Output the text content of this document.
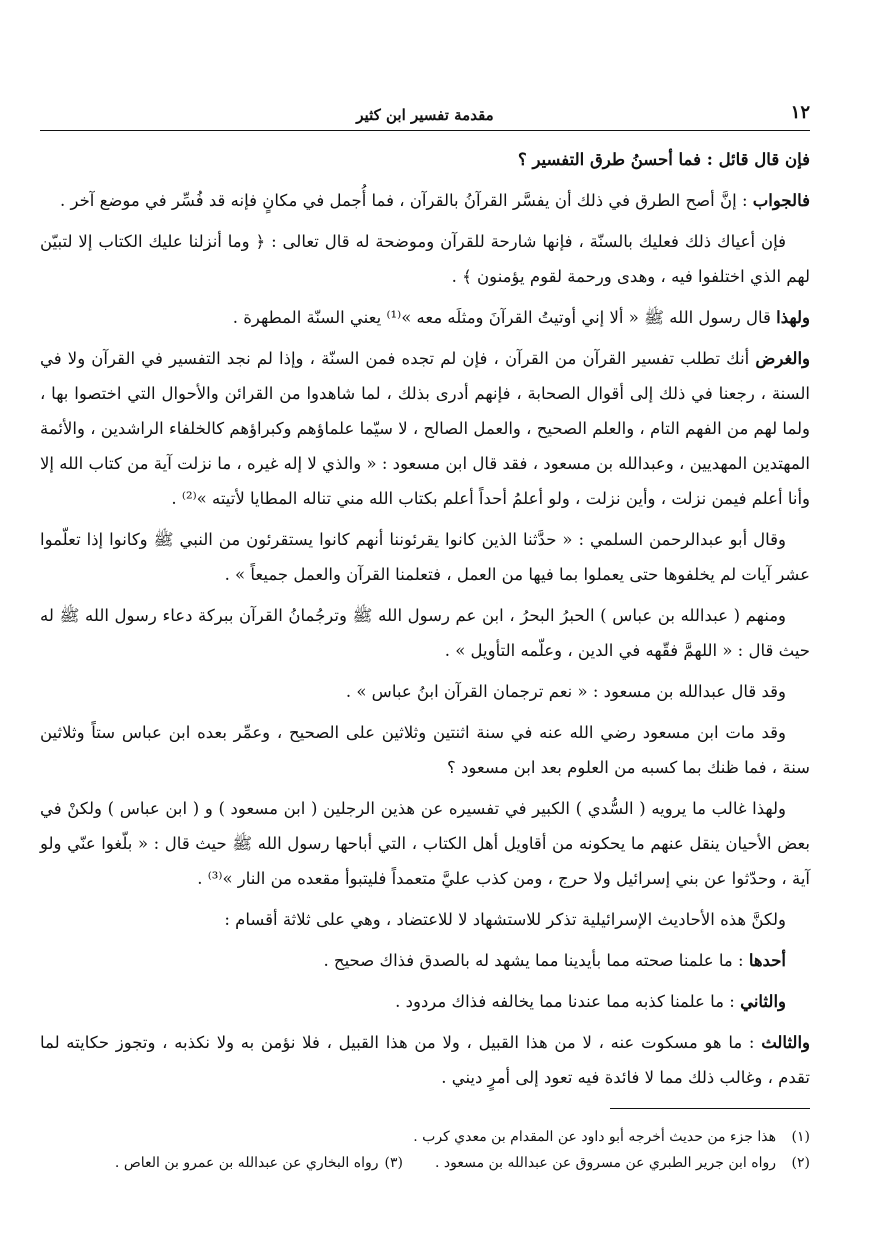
١٢
مقدمة تفسير ابن كثير

فإن قال قائل : فما أحسنُ طرق التفسير ؟

فالجواب : إنَّ أصح الطرق في ذلك أن يفسَّر القرآنُ بالقرآن ، فما أُجمل في مكانٍ فإنه قد فُسِّر في موضع آخر .

فإن أعياك ذلك فعليك بالسنّة ، فإنها شارحة للقرآن وموضحة له قال تعالى : ﴿ وما أنزلنا عليك الكتاب إلا لتبيّن لهم الذي اختلفوا فيه ، وهدى ورحمة لقوم يؤمنون ﴾ .

ولهذا قال رسول الله ﷺ « ألا إني أوتيتُ القرآنَ ومثلَه معه »⁽¹⁾ يعني السنّة المطهرة .

والغرض أنك تطلب تفسير القرآن من القرآن ، فإن لم تجده فمن السنّة ، وإذا لم نجد التفسير في القرآن ولا في السنة ، رجعنا في ذلك إلى أقوال الصحابة ، فإنهم أدرى بذلك ، لما شاهدوا من القرائن والأحوال التي اختصوا بها ، ولما لهم من الفهم التام ، والعلم الصحيح ، والعمل الصالح ، لا سيّما علماؤهم وكبراؤهم كالخلفاء الراشدين ، والأئمة المهتدين المهديين ، وعبدالله بن مسعود ، فقد قال ابن مسعود : « والذي لا إله غيره ، ما نزلت آية من كتاب الله إلا وأنا أعلم فيمن نزلت ، وأين نزلت ، ولو أعلمُ أحداً أعلم بكتاب الله مني تناله المطايا لأتيته »⁽²⁾ .

وقال أبو عبدالرحمن السلمي : « حدَّثنا الذين كانوا يقرئوننا أنهم كانوا يستقرئون من النبي ﷺ وكانوا إذا تعلّموا عشر آيات لم يخلفوها حتى يعملوا بما فيها من العمل ، فتعلمنا القرآن والعمل جميعاً » .

ومنهم ( عبدالله بن عباس ) الحبرُ البحرُ ، ابن عم رسول الله ﷺ وترجُمانُ القرآن ببركة دعاء رسول الله ﷺ له حيث قال : « اللهمَّ فقّهه في الدين ، وعلّمه التأويل » .

وقد قال عبدالله بن مسعود : « نعم ترجمان القرآن ابنُ عباس » .

وقد مات ابن مسعود رضي الله عنه في سنة اثنتين وثلاثين على الصحيح ، وعمِّر بعده ابن عباس ستاً وثلاثين سنة ، فما ظنك بما كسبه من العلوم بعد ابن مسعود ؟

ولهذا غالب ما يرويه ( السُّدي ) الكبير في تفسيره عن هذين الرجلين ( ابن مسعود ) و ( ابن عباس ) ولكنْ في بعض الأحيان ينقل عنهم ما يحكونه من أقاويل أهل الكتاب ، التي أباحها رسول الله ﷺ حيث قال : « بلّغوا عنّي ولو آية ، وحدّثوا عن بني إسرائيل ولا حرج ، ومن كذب عليَّ متعمداً فليتبوأ مقعده من النار »⁽³⁾ .

ولكنَّ هذه الأحاديث الإسرائيلية تذكر للاستشهاد لا للاعتضاد ، وهي على ثلاثة أقسام :

أحدها : ما علمنا صحته مما بأيدينا مما يشهد له بالصدق فذاك صحيح .

والثاني : ما علمنا كذبه مما عندنا مما يخالفه فذاك مردود .

والثالث : ما هو مسكوت عنه ، لا من هذا القبيل ، ولا من هذا القبيل ، فلا نؤمن به ولا نكذبه ، وتجوز حكايته لما تقدم ، وغالب ذلك مما لا فائدة فيه تعود إلى أمرٍ ديني .

(١)
هذا جزء من حديث أخرجه أبو داود عن المقدام بن معدي كرب .
(٢)
رواه ابن جرير الطبري عن مسروق عن عبدالله بن مسعود .
(٣)
رواه البخاري عن عبدالله بن عمرو بن العاص .
